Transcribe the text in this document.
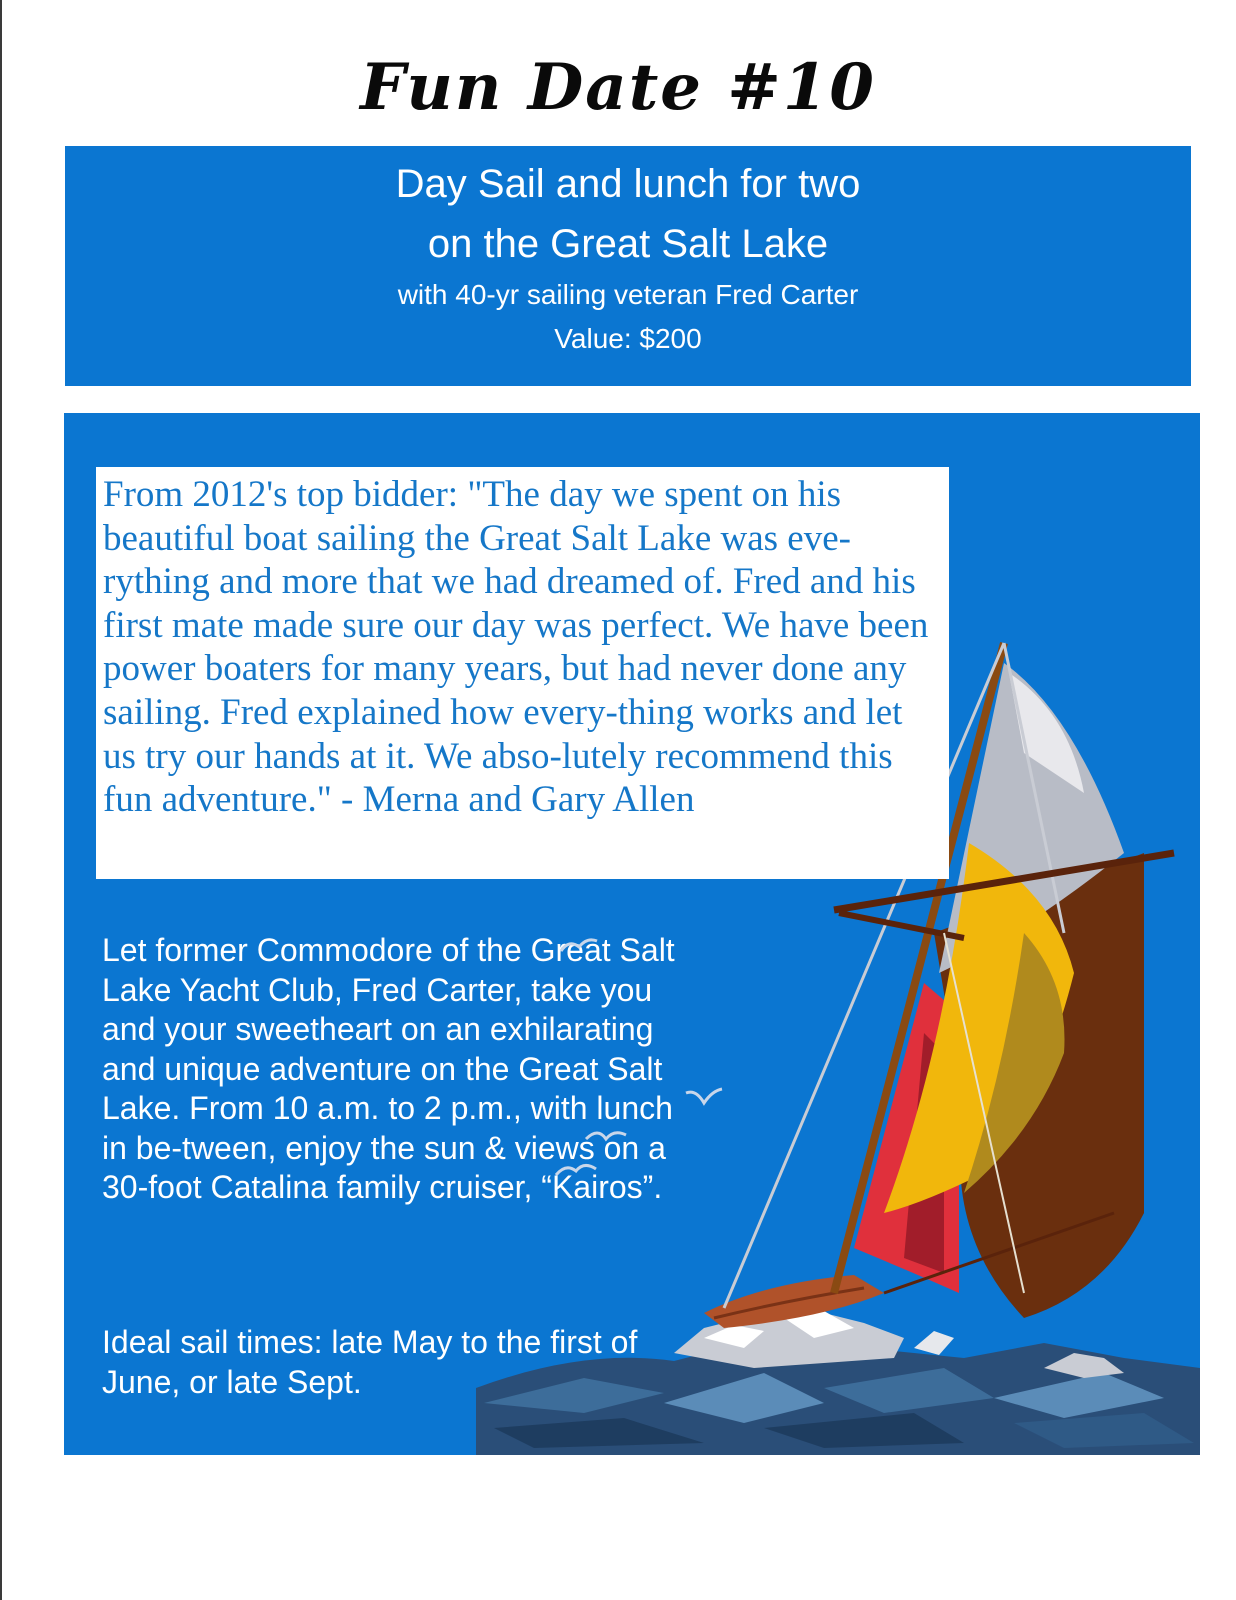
Fun Date #10
Day Sail and lunch for two
on the Great Salt Lake
with 40-yr sailing veteran Fred Carter
Value: $200

From 2012's top bidder: "The day we spent on his beautiful boat sailing the Great Salt Lake was eve-rything and more that we had dreamed of. Fred and his first mate made sure our day was perfect. We have been power boaters for many years, but had never done any sailing. Fred explained how every-thing works and let us try our hands at it. We abso-lutely recommend this fun adventure." - Merna and Gary Allen

Let former Commodore of the Great Salt Lake Yacht Club, Fred Carter, take you and your sweetheart on an exhilarating and unique adventure on the Great Salt Lake. From 10 a.m. to 2 p.m., with lunch in be-tween, enjoy the sun & views on a 30-foot Catalina family cruiser, “Kairos”.

Ideal sail times: late May to the first of June, or late Sept.
